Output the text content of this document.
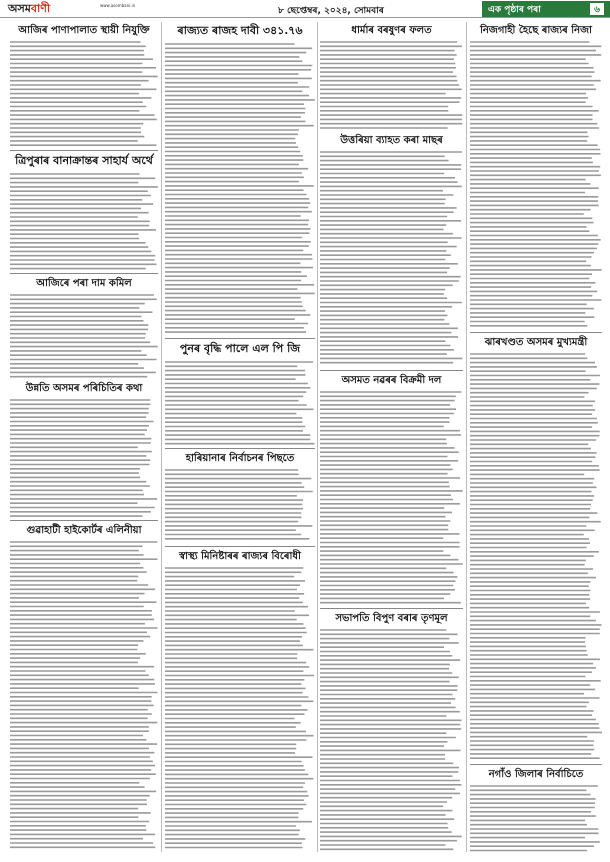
অসম বাণী	www.asombani.in
৮ ছেপ্তেম্বৰ, ২০২৪, সোমবাৰ	এক পৃষ্ঠাৰ পৰা	৬
আজিৰ পাণাপালাত স্থায়ী নিযুক্তি
ত্ৰিপুৰাৰ বানাক্ৰান্তৰ সাহাৰ্য অৰ্থে
আজিৰে পৰা দাম কমিল
উন্নতি অসমৰ পৰিচিতিৰ কথা
গুৱাহাটী হাইকোৰ্টৰ এলিনীয়া
ৰাজ্যত ৰাজহ দাবী ৩৪১.৭৬
পুনৰ বৃদ্ধি পালে এল পি জি
হাৰিয়ানাৰ নিৰ্বাচনৰ পিছতে
স্বাস্থ্য মিনিষ্টাৰৰ ৰাজ্যৰ বিৰোধী
ধাৰ্মাৰ বৰষুণৰ ফলত
উত্তৰিয়া ব্যাহত কৰা মাছৰ
অসমত নৱৰৰ বিক্ৰমী দল
সভাপতি বিপুণ বৰাৰ তৃণমূল
নিজগাহী হৈছে ৰাজ্যৰ নিজা
ঝাৰখণ্ডত অসমৰ মুখ্যমন্ত্ৰী
নগাঁও জিলাৰ নিৰ্বাচিতে
